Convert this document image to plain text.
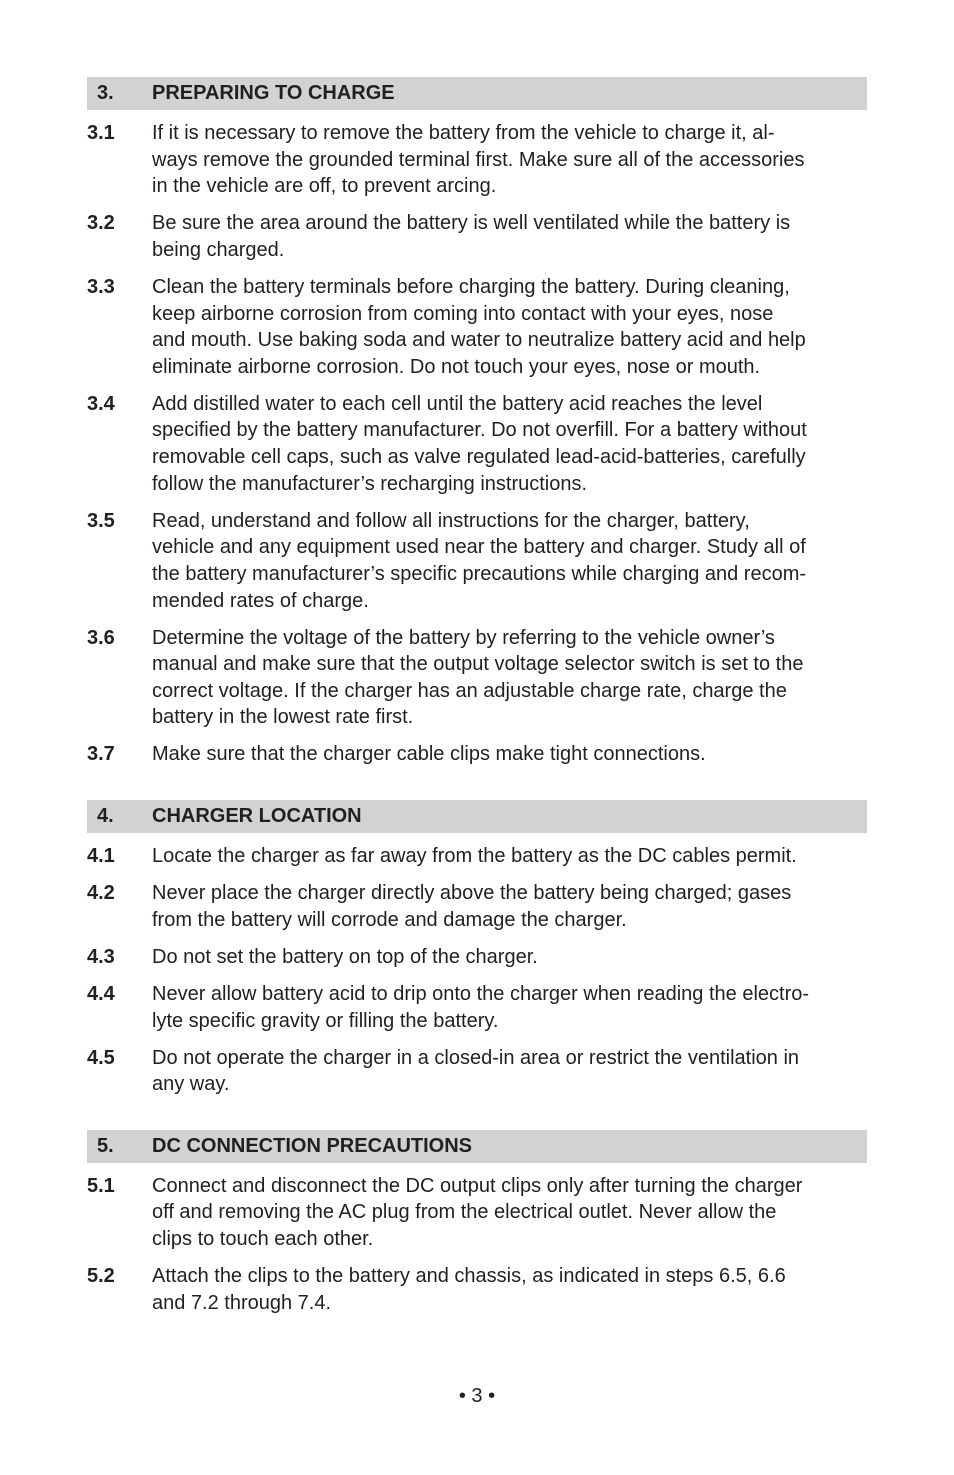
3.	PREPARING TO CHARGE
3.1	If it is necessary to remove the battery from the vehicle to charge it, al-
ways remove the grounded terminal first. Make sure all of the accessories
in the vehicle are off, to prevent arcing.
3.2	Be sure the area around the battery is well ventilated while the battery is
being charged.
3.3	Clean the battery terminals before charging the battery. During cleaning,
keep airborne corrosion from coming into contact with your eyes, nose
and mouth. Use baking soda and water to neutralize battery acid and help
eliminate airborne corrosion. Do not touch your eyes, nose or mouth.
3.4	Add distilled water to each cell until the battery acid reaches the level
specified by the battery manufacturer. Do not overfill. For a battery without
removable cell caps, such as valve regulated lead-acid-batteries, carefully
follow the manufacturer’s recharging instructions.
3.5	Read, understand and follow all instructions for the charger, battery,
vehicle and any equipment used near the battery and charger. Study all of
the battery manufacturer’s specific precautions while charging and recom-
mended rates of charge.
3.6	Determine the voltage of the battery by referring to the vehicle owner’s
manual and make sure that the output voltage selector switch is set to the
correct voltage. If the charger has an adjustable charge rate, charge the
battery in the lowest rate first.
3.7	Make sure that the charger cable clips make tight connections.
4.	CHARGER LOCATION
4.1	Locate the charger as far away from the battery as the DC cables permit.
4.2	Never place the charger directly above the battery being charged; gases
from the battery will corrode and damage the charger.
4.3	Do not set the battery on top of the charger.
4.4	Never allow battery acid to drip onto the charger when reading the electro-
lyte specific gravity or filling the battery.
4.5	Do not operate the charger in a closed-in area or restrict the ventilation in
any way.
5.	DC CONNECTION PRECAUTIONS
5.1	Connect and disconnect the DC output clips only after turning the charger
off and removing the AC plug from the electrical outlet. Never allow the
clips to touch each other.
5.2	Attach the clips to the battery and chassis, as indicated in steps 6.5, 6.6
and 7.2 through 7.4.
• 3 •
